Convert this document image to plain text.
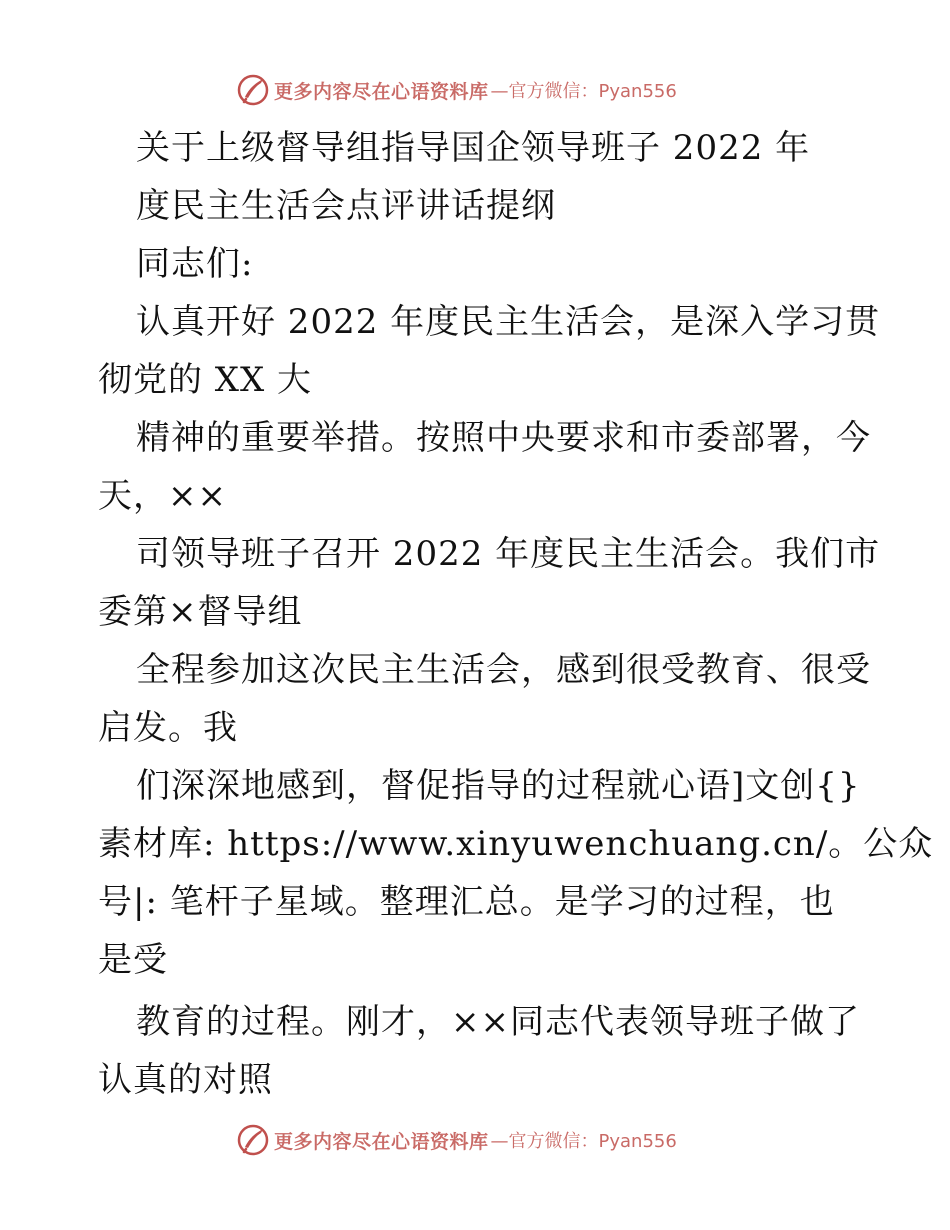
更多内容尽在心语资料库 —官方微信：Pyan556
关于上级督导组指导国企领导班子 2022 年
度民主生活会点评讲话提纲
同志们:
认真开好 2022 年度民主生活会，是深入学习贯
彻党的 XX 大
精神的重要举措。按照中央要求和市委部署，今
天，××
司领导班子召开 2022 年度民主生活会。我们市
委第×督导组
全程参加这次民主生活会，感到很受教育、很受
启发。我
们深深地感到，督促指导的过程就心语]文创{}
素材库: https://www.xinyuwenchuang.cn/。公众
号|: 笔杆子星域。整理汇总。是学习的过程，也
是受
教育的过程。刚才，××同志代表领导班子做了
认真的对照
更多内容尽在心语资料库 —官方微信：Pyan556
